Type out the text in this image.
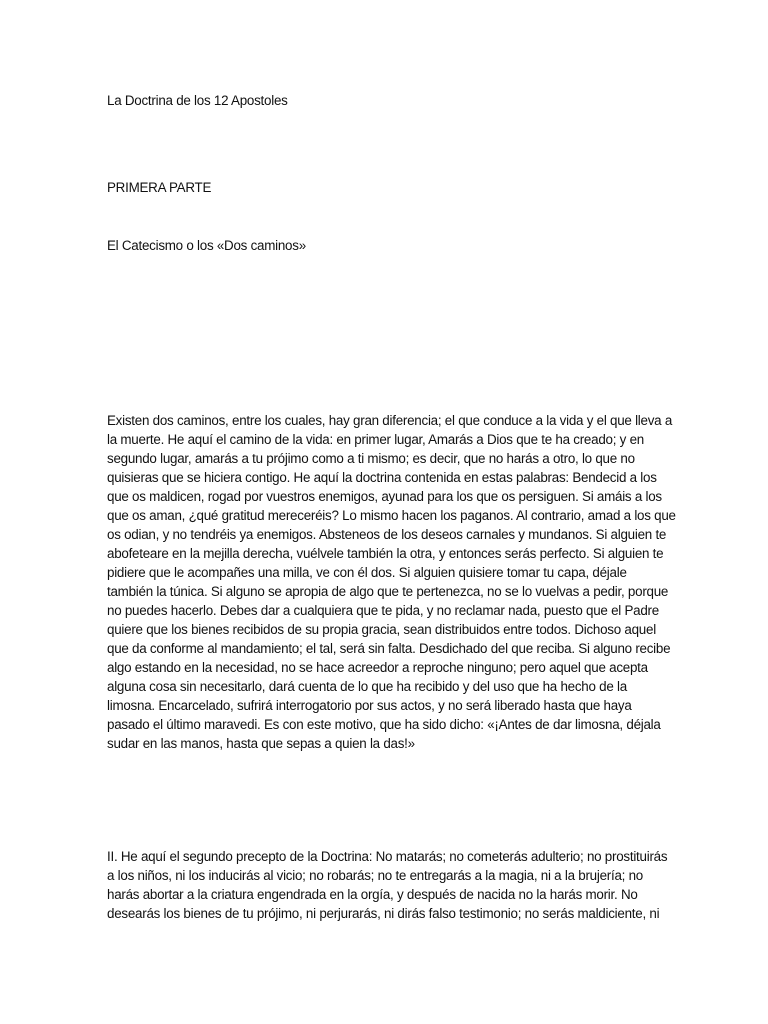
La Doctrina de los 12 Apostoles
PRIMERA PARTE
El Catecismo o los «Dos caminos»
Existen dos caminos, entre los cuales, hay gran diferencia; el que conduce a la vida y el que lleva a
la muerte. He aquí el camino de la vida: en primer lugar, Amarás a Dios que te ha creado; y en
segundo lugar, amarás a tu prójimo como a ti mismo; es decir, que no harás a otro, lo que no
quisieras que se hiciera contigo. He aquí la doctrina contenida en estas palabras: Bendecid a los
que os maldicen, rogad por vuestros enemigos, ayunad para los que os persiguen. Si amáis a los
que os aman, ¿qué gratitud mereceréis? Lo mismo hacen los paganos. Al contrario, amad a los que
os odian, y no tendréis ya enemigos. Absteneos de los deseos carnales y mundanos. Si alguien te
abofeteare en la mejilla derecha, vuélvele también la otra, y entonces serás perfecto. Si alguien te
pidiere que le acompañes una milla, ve con él dos. Si alguien quisiere tomar tu capa, déjale
también la túnica. Si alguno se apropia de algo que te pertenezca, no se lo vuelvas a pedir, porque
no puedes hacerlo. Debes dar a cualquiera que te pida, y no reclamar nada, puesto que el Padre
quiere que los bienes recibidos de su propia gracia, sean distribuidos entre todos. Dichoso aquel
que da conforme al mandamiento; el tal, será sin falta. Desdichado del que reciba. Si alguno recibe
algo estando en la necesidad, no se hace acreedor a reproche ninguno; pero aquel que acepta
alguna cosa sin necesitarlo, dará cuenta de lo que ha recibido y del uso que ha hecho de la
limosna. Encarcelado, sufrirá interrogatorio por sus actos, y no será liberado hasta que haya
pasado el último maravedi. Es con este motivo, que ha sido dicho: «¡Antes de dar limosna, déjala
sudar en las manos, hasta que sepas a quien la das!»
II. He aquí el segundo precepto de la Doctrina: No matarás; no cometerás adulterio; no prostituirás
a los niños, ni los inducirás al vicio; no robarás; no te entregarás a la magia, ni a la brujería; no
harás abortar a la criatura engendrada en la orgía, y después de nacida no la harás morir. No
desearás los bienes de tu prójimo, ni perjurarás, ni dirás falso testimonio; no serás maldiciente, ni
